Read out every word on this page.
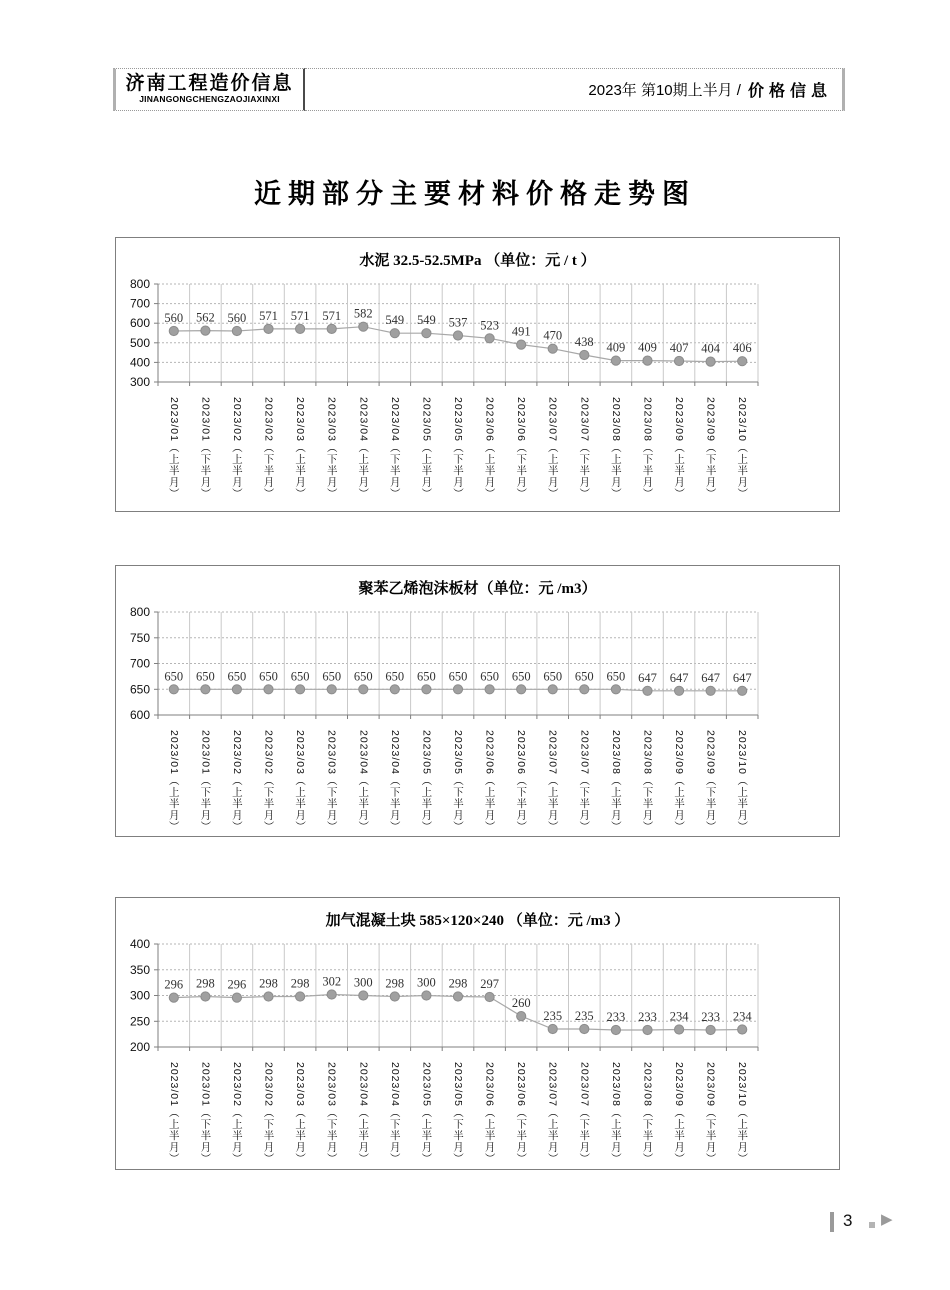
济南工程造价信息
JINANGONGCHENGZAOJIAXINXI	2023年 第10期上半月 / 价格信息
近期部分主要材料价格走势图
水泥 32.5-52.5MPa （单位：元 / t ）
300
400
500
600
700
800
560 562 560 571 571 571 582 549 549 537 523 491 470 438 409 409 407 404 406
2023/01（上半月） 2023/01（下半月） 2023/02（上半月） 2023/02（下半月） 2023/03（上半月） 2023/03（下半月） 2023/04（上半月） 2023/04（下半月） 2023/05（上半月） 2023/05（下半月） 2023/06（上半月） 2023/06（下半月） 2023/07（上半月） 2023/07（下半月） 2023/08（上半月） 2023/08（下半月） 2023/09（上半月） 2023/09（下半月） 2023/10（上半月）
聚苯乙烯泡沫板材（单位：元 /m3）
600
650
700
750
800
650 650 650 650 650 650 650 650 650 650 650 650 650 650 650 647 647 647 647
2023/01（上半月） 2023/01（下半月） 2023/02（上半月） 2023/02（下半月） 2023/03（上半月） 2023/03（下半月） 2023/04（上半月） 2023/04（下半月） 2023/05（上半月） 2023/05（下半月） 2023/06（上半月） 2023/06（下半月） 2023/07（上半月） 2023/07（下半月） 2023/08（上半月） 2023/08（下半月） 2023/09（上半月） 2023/09（下半月） 2023/10（上半月）
加气混凝土块 585×120×240 （单位：元 /m3 ）
200
250
300
350
400
296 298 296 298 298 302 300 298 300 298 297
260
235 235 233 233 234 233 234
2023/01（上半月） 2023/01（下半月） 2023/02（上半月） 2023/02（下半月） 2023/03（上半月） 2023/03（下半月） 2023/04（上半月） 2023/04（下半月） 2023/05（上半月） 2023/05（下半月） 2023/06（上半月） 2023/06（下半月） 2023/07（上半月） 2023/07（下半月） 2023/08（上半月） 2023/08（下半月） 2023/09（上半月） 2023/09（下半月） 2023/10（上半月）
3 ▶
